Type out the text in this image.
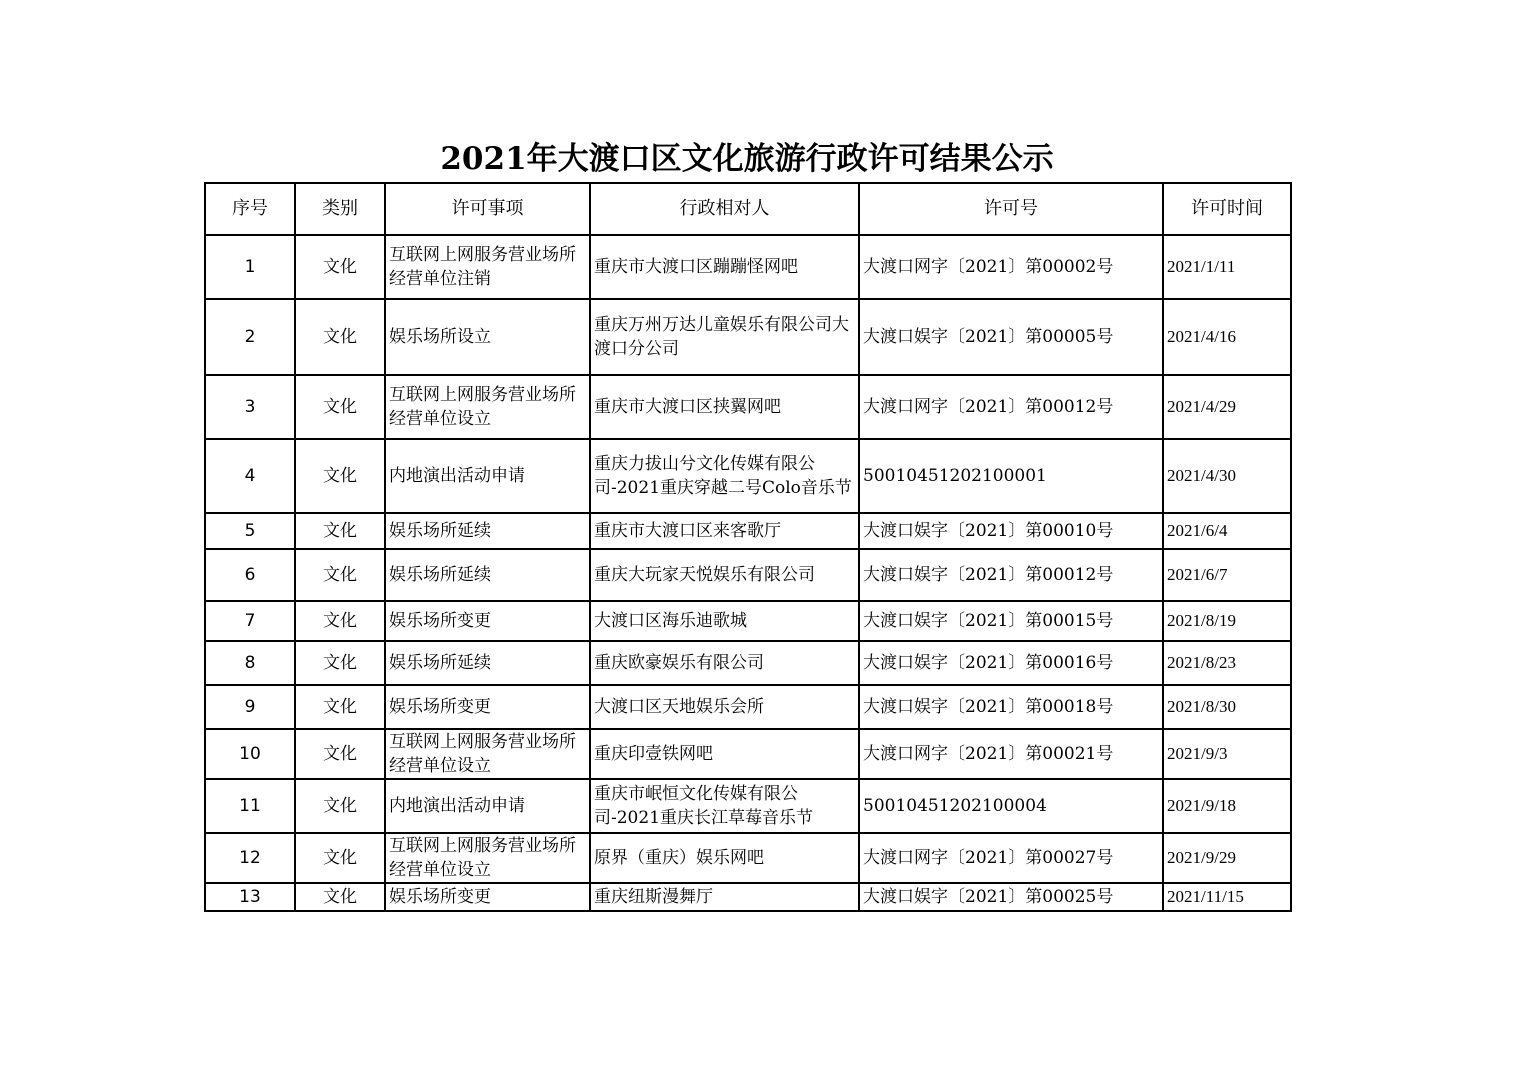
2021年大渡口区文化旅游行政许可结果公示
序号	类别	许可事项	行政相对人	许可号	许可时间
1	文化	互联网上网服务营业场所经营单位注销	重庆市大渡口区蹦蹦怪网吧	大渡口网字〔2021〕第00002号	2021/1/11
2	文化	娱乐场所设立	重庆万州万达儿童娱乐有限公司大渡口分公司	大渡口娱字〔2021〕第00005号	2021/4/16
3	文化	互联网上网服务营业场所经营单位设立	重庆市大渡口区挟翼网吧	大渡口网字〔2021〕第00012号	2021/4/29
4	文化	内地演出活动申请	重庆力拔山兮文化传媒有限公司-2021重庆穿越二号Colo音乐节	50010451202100001	2021/4/30
5	文化	娱乐场所延续	重庆市大渡口区来客歌厅	大渡口娱字〔2021〕第00010号	2021/6/4
6	文化	娱乐场所延续	重庆大玩家天悦娱乐有限公司	大渡口娱字〔2021〕第00012号	2021/6/7
7	文化	娱乐场所变更	大渡口区海乐迪歌城	大渡口娱字〔2021〕第00015号	2021/8/19
8	文化	娱乐场所延续	重庆欧豪娱乐有限公司	大渡口娱字〔2021〕第00016号	2021/8/23
9	文化	娱乐场所变更	大渡口区天地娱乐会所	大渡口娱字〔2021〕第00018号	2021/8/30
10	文化	互联网上网服务营业场所经营单位设立	重庆印壹铁网吧	大渡口网字〔2021〕第00021号	2021/9/3
11	文化	内地演出活动申请	重庆市岷恒文化传媒有限公司-2021重庆长江草莓音乐节	50010451202100004	2021/9/18
12	文化	互联网上网服务营业场所经营单位设立	原界（重庆）娱乐网吧	大渡口网字〔2021〕第00027号	2021/9/29
13	文化	娱乐场所变更	重庆纽斯漫舞厅	大渡口娱字〔2021〕第00025号	2021/11/15
